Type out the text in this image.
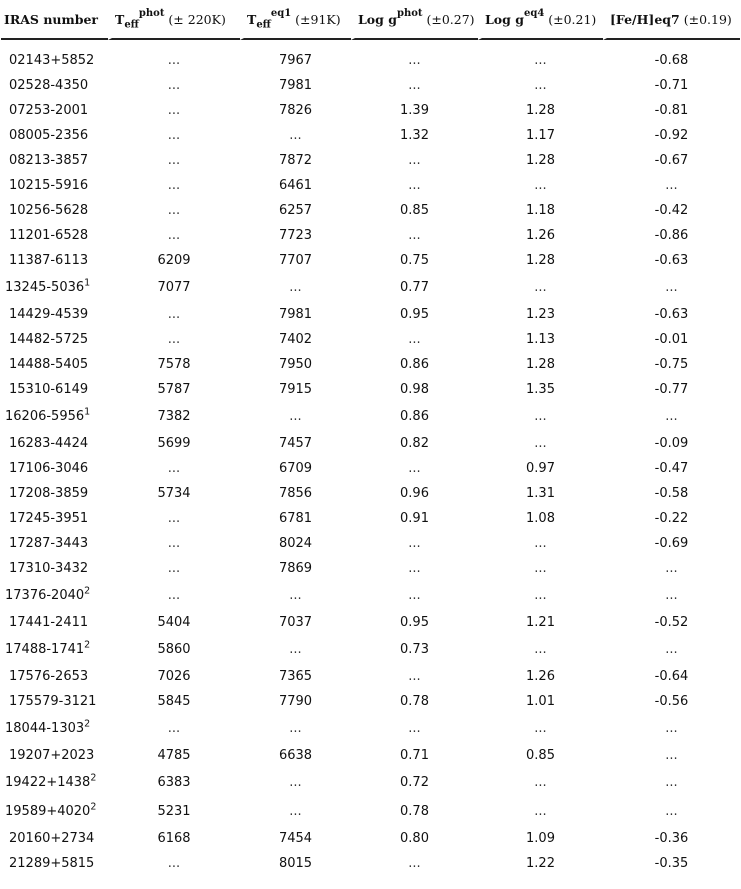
IRAS number	$T_{eff}^{phot}$ (± 220K)	$T_{eff}^{eq1}$ (±91K)	Log $g^{phot}$ (±0.27)	Log $g^{eq4}$ (±0.21)	[Fe/H]eq7 (±0.19)
02143+5852	...	7967	...	...	-0.68
02528-4350	...	7981	...	...	-0.71
07253-2001	...	7826	1.39	1.28	-0.81
08005-2356	...	...	1.32	1.17	-0.92
08213-3857	...	7872	...	1.28	-0.67
10215-5916	...	6461	...	...	...
10256-5628	...	6257	0.85	1.18	-0.42
11201-6528	...	7723	...	1.26	-0.86
11387-6113	6209	7707	0.75	1.28	-0.63
13245-5036$^1$	7077	...	0.77	...	...
14429-4539	...	7981	0.95	1.23	-0.63
14482-5725	...	7402	...	1.13	-0.01
14488-5405	7578	7950	0.86	1.28	-0.75
15310-6149	5787	7915	0.98	1.35	-0.77
16206-5956$^1$	7382	...	0.86	...	...
16283-4424	5699	7457	0.82	...	-0.09
17106-3046	...	6709	...	0.97	-0.47
17208-3859	5734	7856	0.96	1.31	-0.58
17245-3951	...	6781	0.91	1.08	-0.22
17287-3443	...	8024	...	...	-0.69
17310-3432	...	7869	...	...	...
17376-2040$^2$	...	...	...	...	...
17441-2411	5404	7037	0.95	1.21	-0.52
17488-1741$^2$	5860	...	0.73	...	...
17576-2653	7026	7365	...	1.26	-0.64
175579-3121	5845	7790	0.78	1.01	-0.56
18044-1303$^2$	...	...	...	...	...
19207+2023	4785	6638	0.71	0.85	...
$19422+1438^2$	6383	...	0.72	...	...
$19589+4020^2$	5231	...	0.78	...	...
20160+2734	6168	7454	0.80	1.09	-0.36
21289+5815	...	8015	...	1.22	-0.35
